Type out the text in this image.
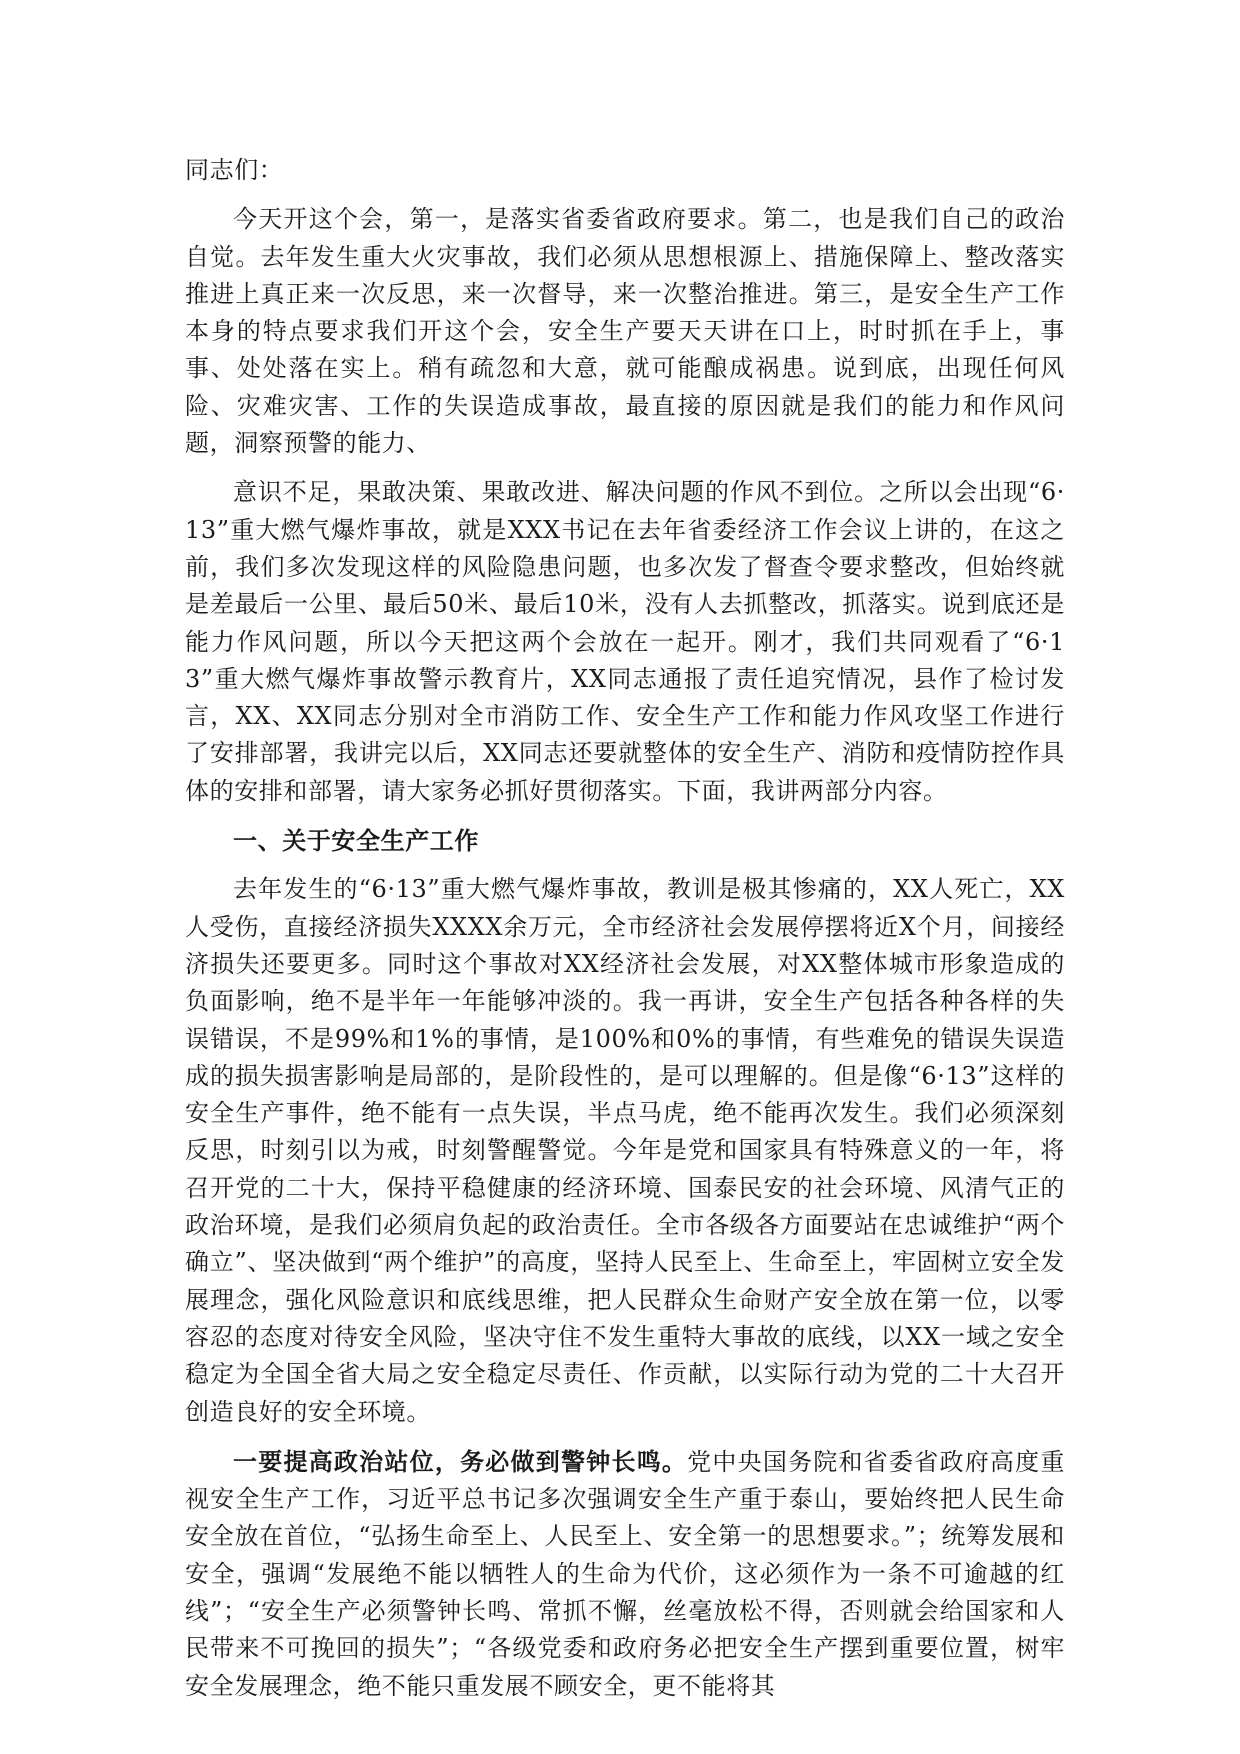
同志们：

今天开这个会，第一，是落实省委省政府要求。第二，也是我们自己的政治自觉。去年发生重大火灾事故，我们必须从思想根源上、措施保障上、整改落实推进上真正来一次反思，来一次督导，来一次整治推进。第三，是安全生产工作本身的特点要求我们开这个会，安全生产要天天讲在口上，时时抓在手上，事事、处处落在实上。稍有疏忽和大意，就可能酿成祸患。说到底，出现任何风险、灾难灾害、工作的失误造成事故，最直接的原因就是我们的能力和作风问题，洞察预警的能力、

意识不足，果敢决策、果敢改进、解决问题的作风不到位。之所以会出现“6·13”重大燃气爆炸事故，就是XXX书记在去年省委经济工作会议上讲的，在这之前，我们多次发现这样的风险隐患问题，也多次发了督查令要求整改，但始终就是差最后一公里、最后50米、最后10米，没有人去抓整改，抓落实。说到底还是能力作风问题，所以今天把这两个会放在一起开。刚才，我们共同观看了“6·13”重大燃气爆炸事故警示教育片，XX同志通报了责任追究情况，县作了检讨发言，XX、XX同志分别对全市消防工作、安全生产工作和能力作风攻坚工作进行了安排部署，我讲完以后，XX同志还要就整体的安全生产、消防和疫情防控作具体的安排和部署，请大家务必抓好贯彻落实。下面，我讲两部分内容。

一、关于安全生产工作

去年发生的“6·13”重大燃气爆炸事故，教训是极其惨痛的，XX人死亡，XX人受伤，直接经济损失XXXX余万元，全市经济社会发展停摆将近X个月，间接经济损失还要更多。同时这个事故对XX经济社会发展，对XX整体城市形象造成的负面影响，绝不是半年一年能够冲淡的。我一再讲，安全生产包括各种各样的失误错误，不是99%和1%的事情，是100%和0%的事情，有些难免的错误失误造成的损失损害影响是局部的，是阶段性的，是可以理解的。但是像“6·13”这样的安全生产事件，绝不能有一点失误，半点马虎，绝不能再次发生。我们必须深刻反思，时刻引以为戒，时刻警醒警觉。今年是党和国家具有特殊意义的一年，将召开党的二十大，保持平稳健康的经济环境、国泰民安的社会环境、风清气正的政治环境，是我们必须肩负起的政治责任。全市各级各方面要站在忠诚维护“两个确立”、坚决做到“两个维护”的高度，坚持人民至上、生命至上，牢固树立安全发展理念，强化风险意识和底线思维，把人民群众生命财产安全放在第一位，以零容忍的态度对待安全风险，坚决守住不发生重特大事故的底线，以XX一域之安全稳定为全国全省大局之安全稳定尽责任、作贡献，以实际行动为党的二十大召开创造良好的安全环境。

一要提高政治站位，务必做到警钟长鸣。党中央国务院和省委省政府高度重视安全生产工作，习近平总书记多次强调安全生产重于泰山，要始终把人民生命安全放在首位，“弘扬生命至上、人民至上、安全第一的思想要求。”；统筹发展和安全，强调“发展绝不能以牺牲人的生命为代价，这必须作为一条不可逾越的红线”；“安全生产必须警钟长鸣、常抓不懈，丝毫放松不得，否则就会给国家和人民带来不可挽回的损失”；“各级党委和政府务必把安全生产摆到重要位置，树牢安全发展理念，绝不能只重发展不顾安全，更不能将其
